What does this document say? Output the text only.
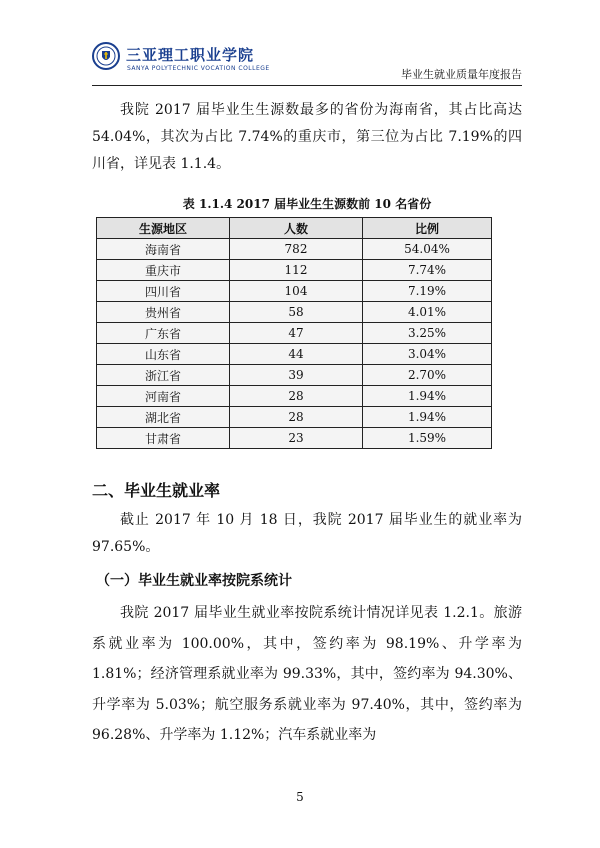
三亚理工职业学院
SANYA POLYTECHNIC VOCATION COLLEGE	毕业生就业质量年度报告

我院 2017 届毕业生生源数最多的省份为海南省，其占比高达 54.04%，其次为占比 7.74%的重庆市，第三位为占比 7.19%的四川省，详见表 1.1.4。

表 1.1.4 2017 届毕业生生源数前 10 名省份
生源地区	人数	比例
海南省	782	54.04%
重庆市	112	7.74%
四川省	104	7.19%
贵州省	58	4.01%
广东省	47	3.25%
山东省	44	3.04%
浙江省	39	2.70%
河南省	28	1.94%
湖北省	28	1.94%
甘肃省	23	1.59%
二、毕业生就业率

截止 2017 年 10 月 18 日，我院 2017 届毕业生的就业率为 97.65%。

（一）毕业生就业率按院系统计

我院 2017 届毕业生就业率按院系统计情况详见表 1.2.1。旅游系就业率为 100.00%，其中，签约率为 98.19%、升学率为 1.81%；经济管理系就业率为 99.33%，其中，签约率为 94.30%、升学率为 5.03%；航空服务系就业率为 97.40%，其中，签约率为 96.28%、升学率为 1.12%；汽车系就业率为

5
